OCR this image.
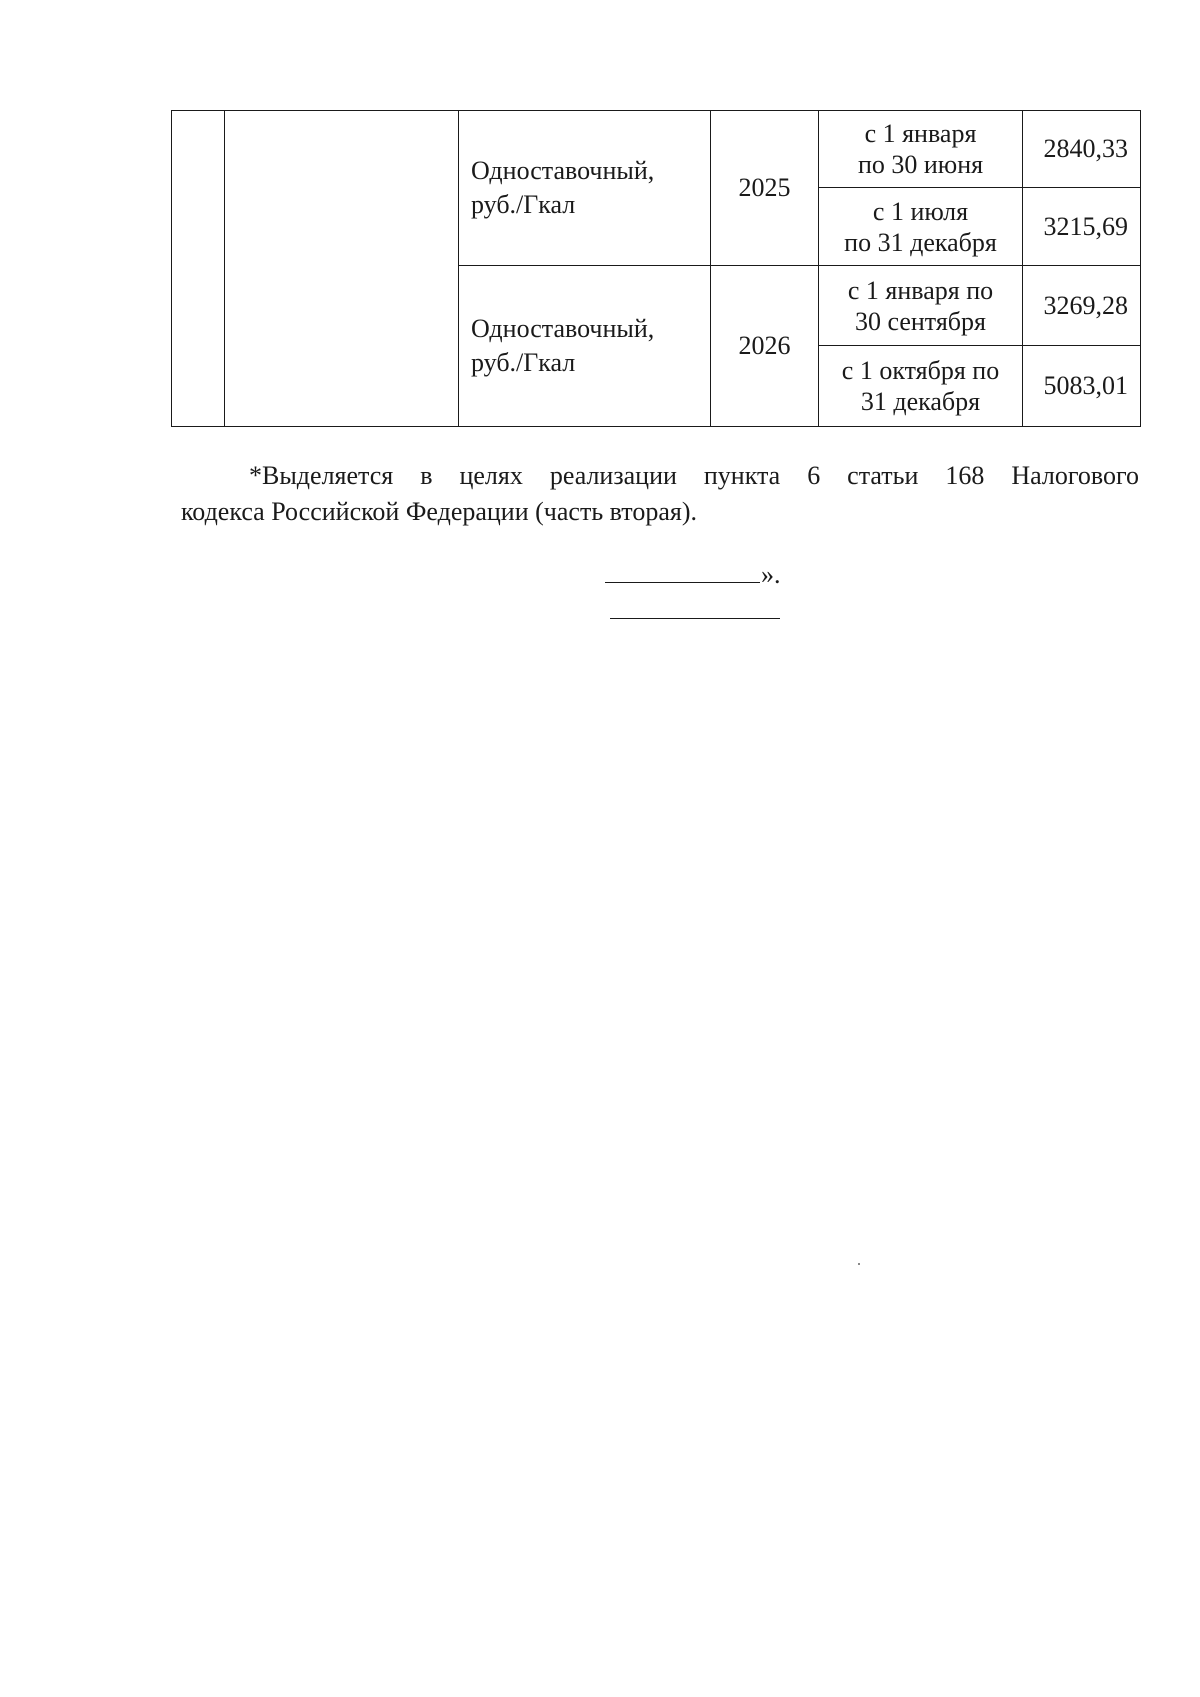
		Одноставочный,
руб./Гкал	2025	с 1 января
по 30 июня	2840,33

				с 1 июля
по 31 декабря	3215,69

		Одноставочный,
руб./Гкал	2026	с 1 января по
30 сентября	3269,28

				с 1 октября по
31 декабря	5083,01

*Выделяется в целях реализации пункта 6 статьи 168 Налогового
кодекса Российской Федерации (часть вторая).

».
